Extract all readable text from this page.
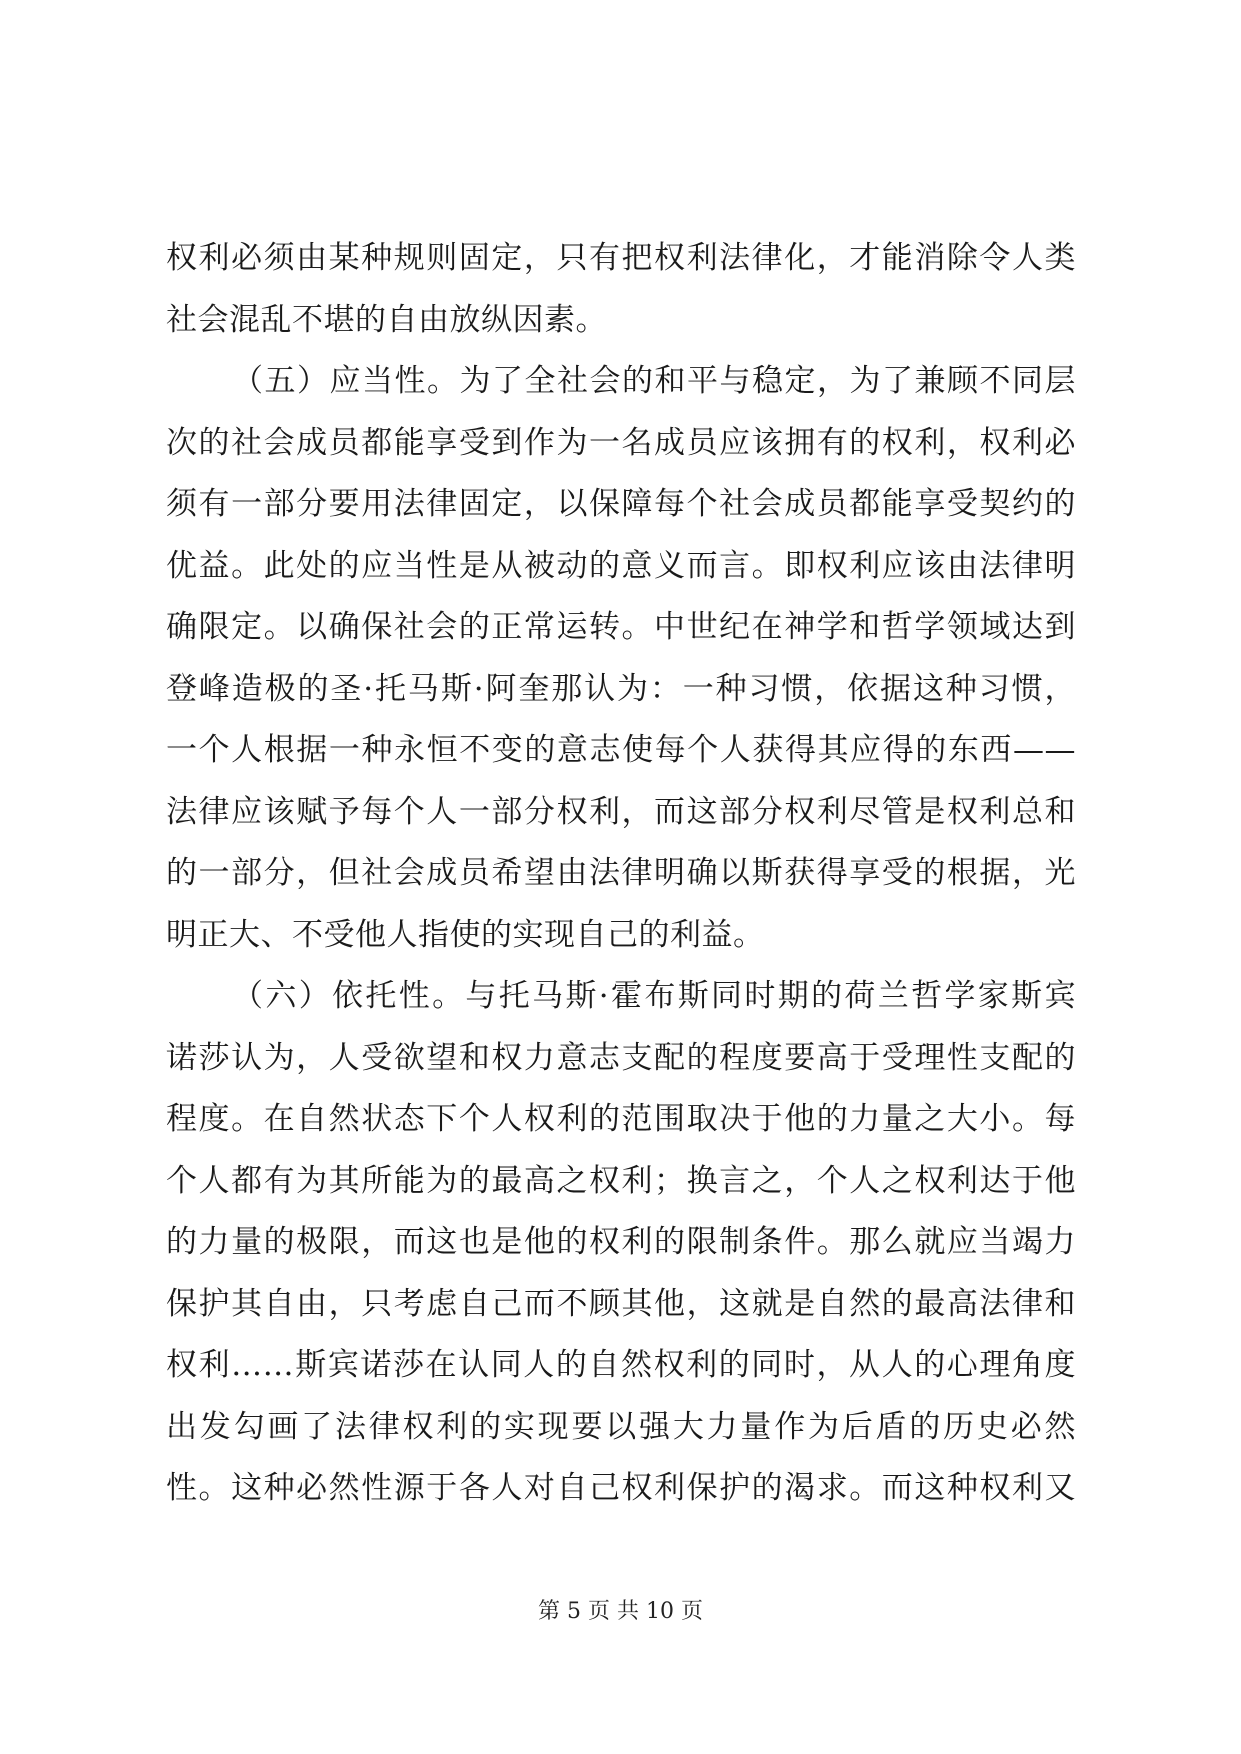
权利必须由某种规则固定，只有把权利法律化，才能消除令人类
社会混乱不堪的自由放纵因素。
（五）应当性。为了全社会的和平与稳定，为了兼顾不同层
次的社会成员都能享受到作为一名成员应该拥有的权利，权利必
须有一部分要用法律固定，以保障每个社会成员都能享受契约的
优益。此处的应当性是从被动的意义而言。即权利应该由法律明
确限定。以确保社会的正常运转。中世纪在神学和哲学领域达到
登峰造极的圣·托马斯·阿奎那认为：一种习惯，依据这种习惯，
一个人根据一种永恒不变的意志使每个人获得其应得的东西——
法律应该赋予每个人一部分权利，而这部分权利尽管是权利总和
的一部分，但社会成员希望由法律明确以斯获得享受的根据，光
明正大、不受他人指使的实现自己的利益。
（六）依托性。与托马斯·霍布斯同时期的荷兰哲学家斯宾
诺莎认为，人受欲望和权力意志支配的程度要高于受理性支配的
程度。在自然状态下个人权利的范围取决于他的力量之大小。每
个人都有为其所能为的最高之权利；换言之，个人之权利达于他
的力量的极限，而这也是他的权利的限制条件。那么就应当竭力
保护其自由，只考虑自己而不顾其他，这就是自然的最高法律和
权利……斯宾诺莎在认同人的自然权利的同时，从人的心理角度
出发勾画了法律权利的实现要以强大力量作为后盾的历史必然
性。这种必然性源于各人对自己权利保护的渴求。而这种权利又
第 5 页 共 10 页
